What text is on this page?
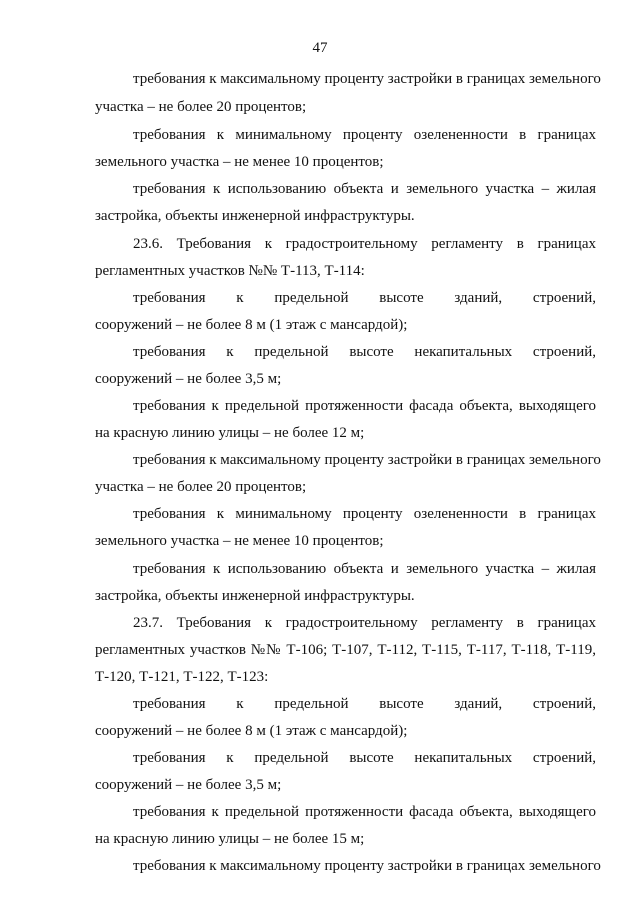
47
требования к максимальному проценту застройки в границах земельного
участка – не более 20 процентов;
требования к минимальному проценту озелененности в границах
земельного участка – не менее 10 процентов;
требования к использованию объекта и земельного участка – жилая
застройка, объекты инженерной инфраструктуры.
23.6. Требования к градостроительному регламенту в границах
регламентных участков №№ Т-113, Т-114:
требования к предельной высоте зданий, строений,
сооружений – не более 8 м (1 этаж с мансардой);
требования к предельной высоте некапитальных строений,
сооружений – не более 3,5 м;
требования к предельной протяженности фасада объекта, выходящего
на красную линию улицы – не более 12 м;
требования к максимальному проценту застройки в границах земельного
участка – не более 20 процентов;
требования к минимальному проценту озелененности в границах
земельного участка – не менее 10 процентов;
требования к использованию объекта и земельного участка – жилая
застройка, объекты инженерной инфраструктуры.
23.7. Требования к градостроительному регламенту в границах
регламентных участков №№ Т-106; Т-107, Т-112, Т-115, Т-117, Т-118, Т-119,
Т-120, Т-121, Т-122, Т-123:
требования к предельной высоте зданий, строений,
сооружений – не более 8 м (1 этаж с мансардой);
требования к предельной высоте некапитальных строений,
сооружений – не более 3,5 м;
требования к предельной протяженности фасада объекта, выходящего
на красную линию улицы – не более 15 м;
требования к максимальному проценту застройки в границах земельного
